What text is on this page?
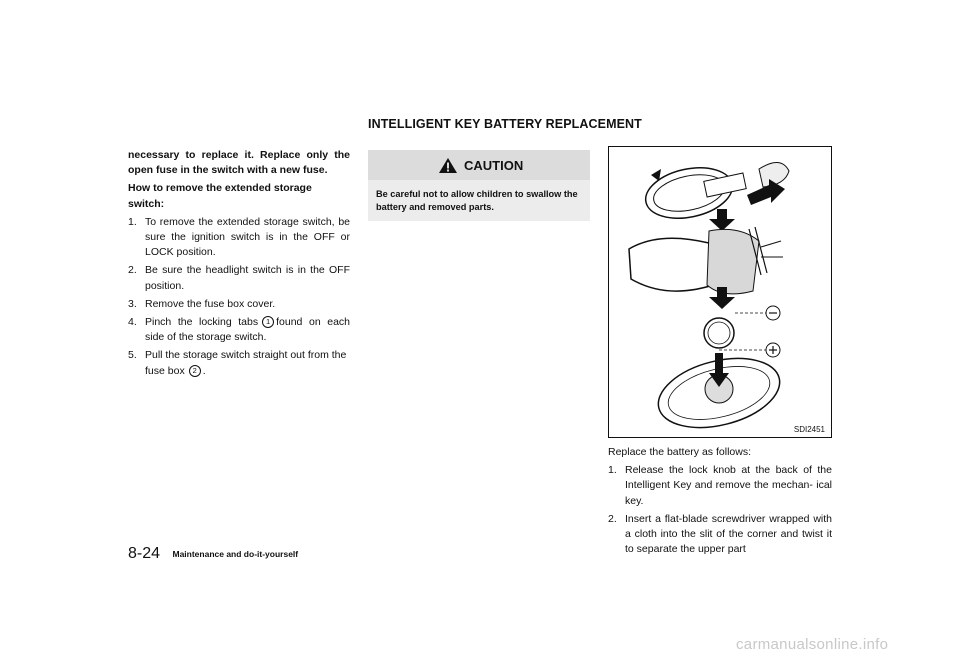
INTELLIGENT KEY BATTERY REPLACEMENT

necessary to replace it. Replace only the open fuse in the switch with a new fuse.

How to remove the extended storage switch:

1. To remove the extended storage switch, be sure the ignition switch is in the OFF or LOCK position.
2. Be sure the headlight switch is in the OFF position.
3. Remove the fuse box cover.
4. Pinch the locking tabs 1 found on each side of the storage switch.
5. Pull the storage switch straight out from the fuse box 2 .
CAUTION

Be careful not to allow children to swallow the battery and removed parts.

SDI2451

Replace the battery as follows:

1. Release the lock knob at the back of the Intelligent Key and remove the mechan- ical key.
2. Insert a flat-blade screwdriver wrapped with a cloth into the slit of the corner and twist it to separate the upper part
8-24 Maintenance and do-it-yourself
carmanualsonline.info
